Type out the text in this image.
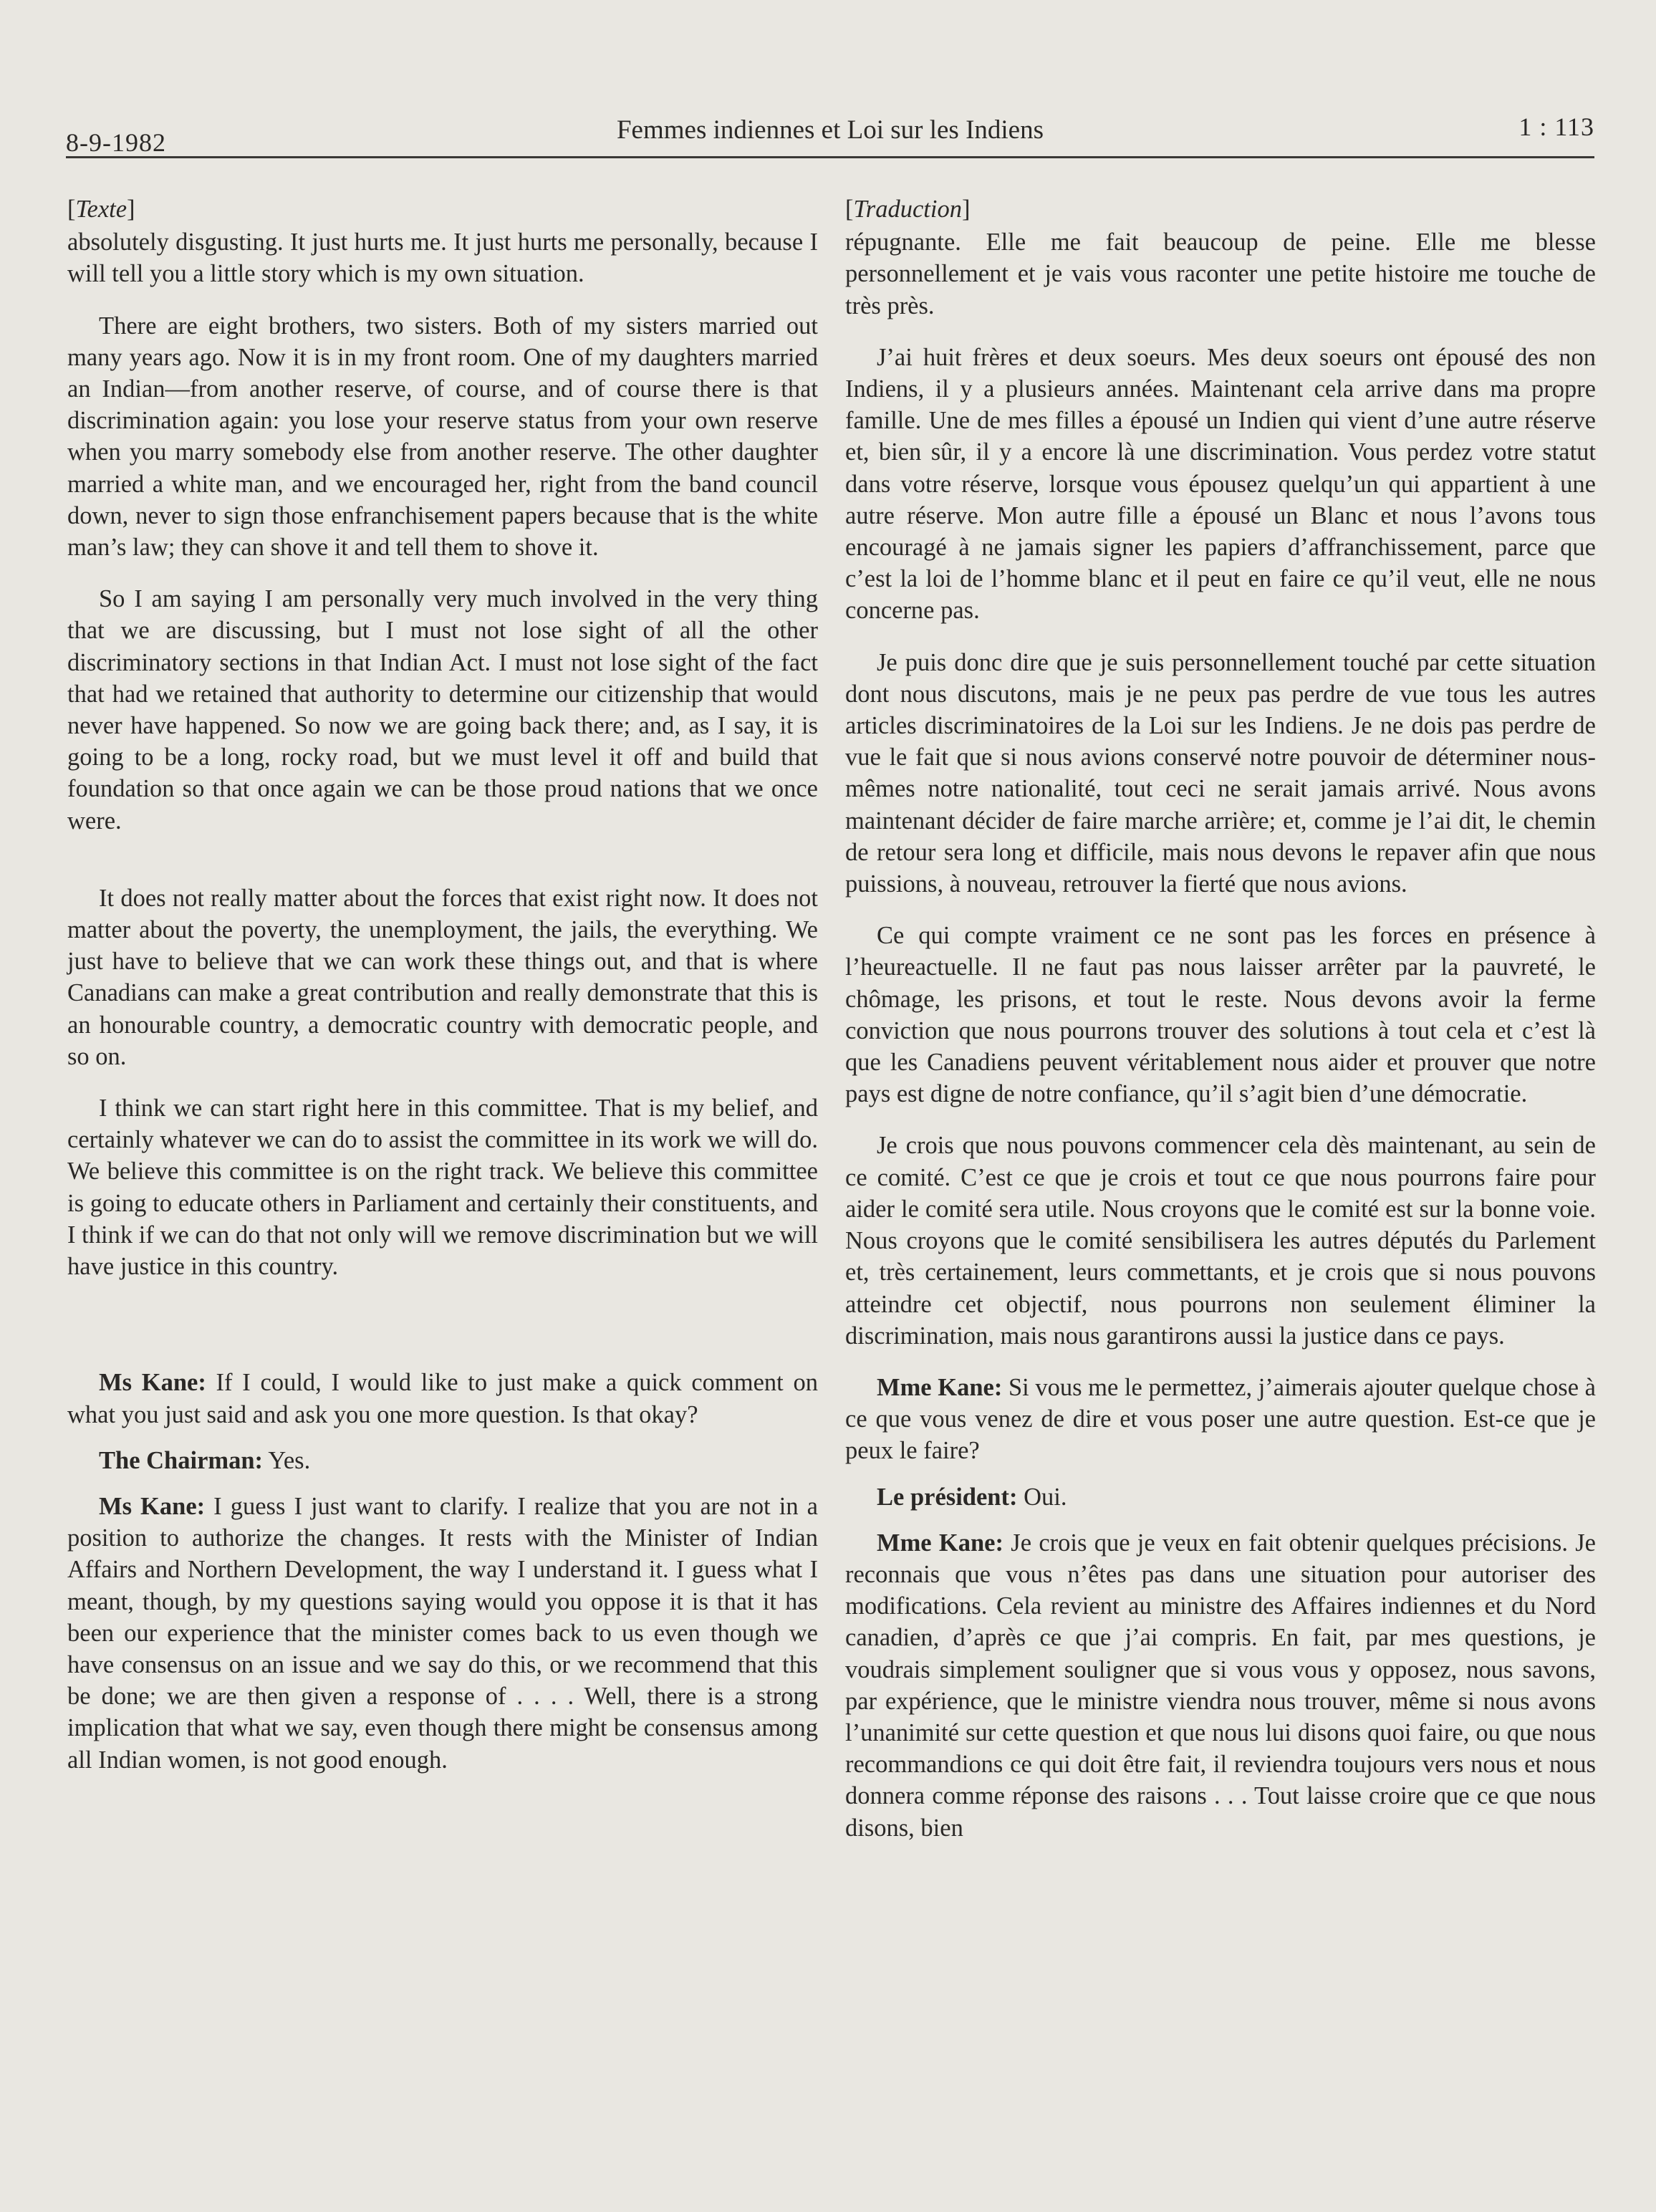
8-9-1982	Femmes indiennes et Loi sur les Indiens	1 : 113
[Texte]

absolutely disgusting. It just hurts me. It just hurts me personally, because I will tell you a little story which is my own situation.

There are eight brothers, two sisters. Both of my sisters married out many years ago. Now it is in my front room. One of my daughters married an Indian—from another reserve, of course, and of course there is that discrimination again: you lose your reserve status from your own reserve when you marry somebody else from another reserve. The other daughter married a white man, and we encouraged her, right from the band council down, never to sign those enfranchisement papers because that is the white man’s law; they can shove it and tell them to shove it.

So I am saying I am personally very much involved in the very thing that we are discussing, but I must not lose sight of all the other discriminatory sections in that Indian Act. I must not lose sight of the fact that had we retained that authority to determine our citizenship that would never have happened. So now we are going back there; and, as I say, it is going to be a long, rocky road, but we must level it off and build that foundation so that once again we can be those proud nations that we once were.

It does not really matter about the forces that exist right now. It does not matter about the poverty, the unemployment, the jails, the everything. We just have to believe that we can work these things out, and that is where Canadians can make a great contribution and really demonstrate that this is an honourable country, a democratic country with democratic people, and so on.

I think we can start right here in this committee. That is my belief, and certainly whatever we can do to assist the committee in its work we will do. We believe this committee is on the right track. We believe this committee is going to educate others in Parliament and certainly their constituents, and I think if we can do that not only will we remove discrimination but we will have justice in this country.

Ms Kane: If I could, I would like to just make a quick comment on what you just said and ask you one more question. Is that okay?

The Chairman: Yes.

Ms Kane: I guess I just want to clarify. I realize that you are not in a position to authorize the changes. It rests with the Minister of Indian Affairs and Northern Development, the way I understand it. I guess what I meant, though, by my questions saying would you oppose it is that it has been our experience that the minister comes back to us even though we have consensus on an issue and we say do this, or we recommend that this be done; we are then given a response of . . . . Well, there is a strong implication that what we say, even though there might be consensus among all Indian women, is not good enough.

[Traduction]

répugnante. Elle me fait beaucoup de peine. Elle me blesse personnellement et je vais vous raconter une petite histoire me touche de très près.

J’ai huit frères et deux soeurs. Mes deux soeurs ont épousé des non Indiens, il y a plusieurs années. Maintenant cela arrive dans ma propre famille. Une de mes filles a épousé un Indien qui vient d’une autre réserve et, bien sûr, il y a encore là une discrimination. Vous perdez votre statut dans votre réserve, lorsque vous épousez quelqu’un qui appartient à une autre réserve. Mon autre fille a épousé un Blanc et nous l’avons tous encouragé à ne jamais signer les papiers d’affranchissement, parce que c’est la loi de l’homme blanc et il peut en faire ce qu’il veut, elle ne nous concerne pas.

Je puis donc dire que je suis personnellement touché par cette situation dont nous discutons, mais je ne peux pas perdre de vue tous les autres articles discriminatoires de la Loi sur les Indiens. Je ne dois pas perdre de vue le fait que si nous avions conservé notre pouvoir de déterminer nous-mêmes notre nationalité, tout ceci ne serait jamais arrivé. Nous avons maintenant décider de faire marche arrière; et, comme je l’ai dit, le chemin de retour sera long et difficile, mais nous devons le repaver afin que nous puissions, à nouveau, retrouver la fierté que nous avions.

Ce qui compte vraiment ce ne sont pas les forces en présence à l’heureactuelle. Il ne faut pas nous laisser arrêter par la pauvreté, le chômage, les prisons, et tout le reste. Nous devons avoir la ferme conviction que nous pourrons trouver des solutions à tout cela et c’est là que les Canadiens peuvent véritablement nous aider et prouver que notre pays est digne de notre confiance, qu’il s’agit bien d’une démocratie.

Je crois que nous pouvons commencer cela dès maintenant, au sein de ce comité. C’est ce que je crois et tout ce que nous pourrons faire pour aider le comité sera utile. Nous croyons que le comité est sur la bonne voie. Nous croyons que le comité sensibilisera les autres députés du Parlement et, très certainement, leurs commettants, et je crois que si nous pouvons atteindre cet objectif, nous pourrons non seulement éliminer la discrimination, mais nous garantirons aussi la justice dans ce pays.

Mme Kane: Si vous me le permettez, j’aimerais ajouter quelque chose à ce que vous venez de dire et vous poser une autre question. Est-ce que je peux le faire?

Le président: Oui.

Mme Kane: Je crois que je veux en fait obtenir quelques précisions. Je reconnais que vous n’êtes pas dans une situation pour autoriser des modifications. Cela revient au ministre des Affaires indiennes et du Nord canadien, d’après ce que j’ai compris. En fait, par mes questions, je voudrais simplement souligner que si vous vous y opposez, nous savons, par expérience, que le ministre viendra nous trouver, même si nous avons l’unanimité sur cette question et que nous lui disons quoi faire, ou que nous recommandions ce qui doit être fait, il reviendra toujours vers nous et nous donnera comme réponse des raisons . . . Tout laisse croire que ce que nous disons, bien
